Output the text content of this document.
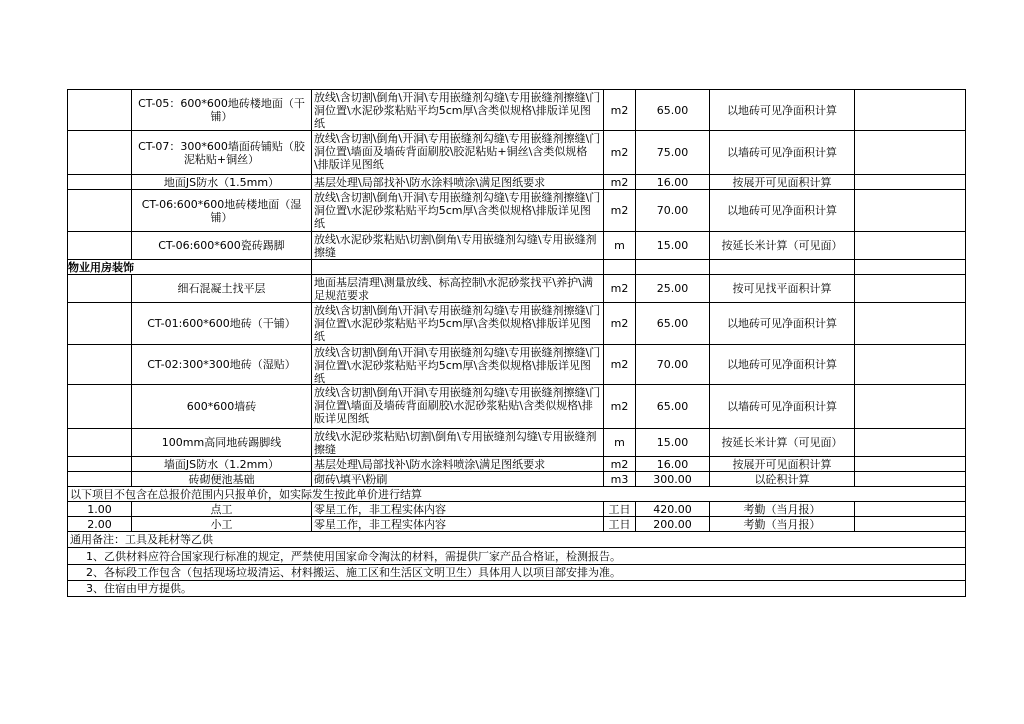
	CT-05：600*600地砖楼地面（干铺）	放线\含切割\倒角\开洞\专用嵌缝剂勾缝\专用嵌缝剂擦缝\门洞位置\水泥砂浆粘贴平均5cm厚\含类似规格\排版详见图纸	m2	65.00	以地砖可见净面积计算	
	CT-07：300*600墙面砖铺贴（胶泥粘贴+铜丝）	放线\含切割\倒角\开洞\专用嵌缝剂勾缝\专用嵌缝剂擦缝\门洞位置\墙面及墙砖背面刷胶\胶泥粘贴+铜丝\含类似规格\排版详见图纸	m2	75.00	以墙砖可见净面积计算	
	地面JS防水（1.5mm）	基层处理\局部找补\防水涂料喷涂\满足图纸要求	m2	16.00	按展开可见面积计算	
	CT-06:600*600地砖楼地面（湿铺）	放线\含切割\倒角\开洞\专用嵌缝剂勾缝\专用嵌缝剂擦缝\门洞位置\水泥砂浆粘贴平均5cm厚\含类似规格\排版详见图纸	m2	70.00	以地砖可见净面积计算	
	CT-06:600*600瓷砖踢脚	放线\水泥砂浆粘贴\切割\倒角\专用嵌缝剂勾缝\专用嵌缝剂擦缝	m	15.00	按延长米计算（可见面）	
物业用房装饰						
	细石混凝土找平层	地面基层清理\测量放线、标高控制\水泥砂浆找平\养护\满足规范要求	m2	25.00	按可见找平面积计算	
	CT-01:600*600地砖（干铺）	放线\含切割\倒角\开洞\专用嵌缝剂勾缝\专用嵌缝剂擦缝\门洞位置\水泥砂浆粘贴平均5cm厚\含类似规格\排版详见图纸	m2	65.00	以地砖可见净面积计算	
	CT-02:300*300地砖（湿贴）	放线\含切割\倒角\开洞\专用嵌缝剂勾缝\专用嵌缝剂擦缝\门洞位置\水泥砂浆粘贴平均5cm厚\含类似规格\排版详见图纸	m2	70.00	以地砖可见净面积计算	
	600*600墙砖	放线\含切割\倒角\开洞\专用嵌缝剂勾缝\专用嵌缝剂擦缝\门洞位置\墙面及墙砖背面刷胶\水泥砂浆粘贴\含类似规格\排版详见图纸	m2	65.00	以墙砖可见净面积计算	
	100mm高同地砖踢脚线	放线\水泥砂浆粘贴\切割\倒角\专用嵌缝剂勾缝\专用嵌缝剂擦缝	m	15.00	按延长米计算（可见面）	
	墙面JS防水（1.2mm）	基层处理\局部找补\防水涂料喷涂\满足图纸要求	m2	16.00	按展开可见面积计算	
	砖砌便池基础	砌砖\填平\粉刷	m3	300.00	以砼积计算	
以下项目不包含在总报价范围内只报单价，如实际发生按此单价进行结算						
1.00	点工	零星工作，非工程实体内容	工日	420.00	考勤（当月报）	
2.00	小工	零星工作，非工程实体内容	工日	200.00	考勤（当月报）	
通用备注：工具及耗材等乙供						
1、乙供材料应符合国家现行标准的规定，严禁使用国家命令淘汰的材料，需提供厂家产品合格证，检测报告。						
2、各标段工作包含（包括现场垃圾清运、材料搬运、施工区和生活区文明卫生）具体用人以项目部安排为准。						
3、住宿由甲方提供。						
